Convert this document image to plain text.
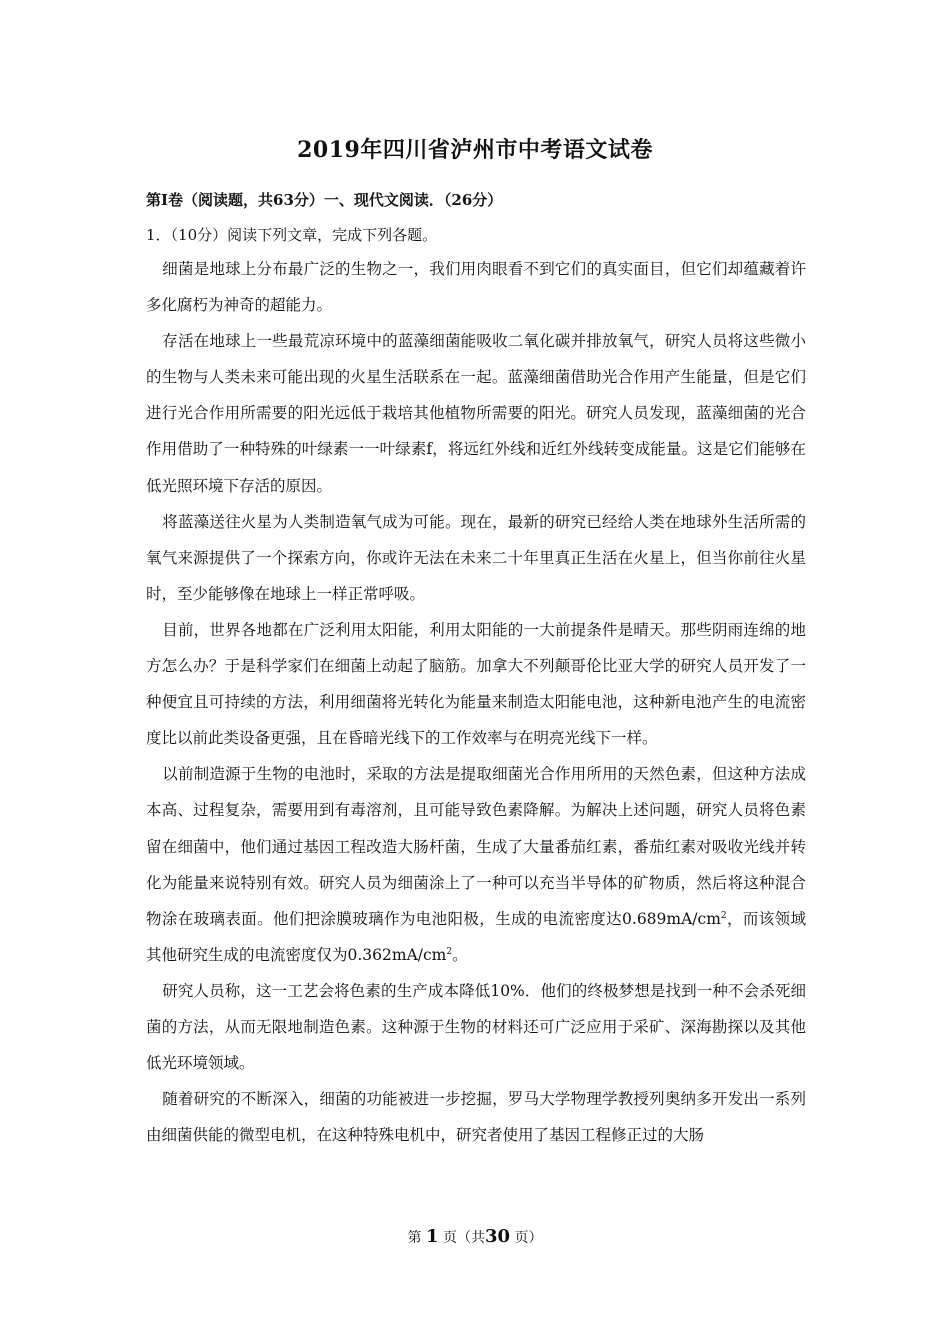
2019年四川省泸州市中考语文试卷
第Ⅰ卷（阅读题，共63分）一、现代文阅读．（26分）
1．（10分）阅读下列文章，完成下列各题。

细菌是地球上分布最广泛的生物之一，我们用肉眼看不到它们的真实面目，但它们却蕴藏着许多化腐朽为神奇的超能力。

存活在地球上一些最荒凉环境中的蓝藻细菌能吸收二氧化碳并排放氧气，研究人员将这些微小的生物与人类未来可能出现的火星生活联系在一起。蓝藻细菌借助光合作用产生能量，但是它们进行光合作用所需要的阳光远低于栽培其他植物所需要的阳光。研究人员发现，蓝藻细菌的光合作用借助了一种特殊的叶绿素一一叶绿素f，将远红外线和近红外线转变成能量。这是它们能够在低光照环境下存活的原因。

将蓝藻送往火星为人类制造氧气成为可能。现在，最新的研究已经给人类在地球外生活所需的氧气来源提供了一个探索方向，你或许无法在未来二十年里真正生活在火星上，但当你前往火星时，至少能够像在地球上一样正常呼吸。

目前，世界各地都在广泛利用太阳能，利用太阳能的一大前提条件是晴天。那些阴雨连绵的地方怎么办？于是科学家们在细菌上动起了脑筋。加拿大不列颠哥伦比亚大学的研究人员开发了一种便宜且可持续的方法，利用细菌将光转化为能量来制造太阳能电池，这种新电池产生的电流密度比以前此类设备更强，且在昏暗光线下的工作效率与在明亮光线下一样。

以前制造源于生物的电池时，采取的方法是提取细菌光合作用所用的天然色素，但这种方法成本高、过程复杂，需要用到有毒溶剂，且可能导致色素降解。为解决上述问题，研究人员将色素留在细菌中，他们通过基因工程改造大肠杆菌，生成了大量番茄红素，番茄红素对吸收光线并转化为能量来说特别有效。研究人员为细菌涂上了一种可以充当半导体的矿物质，然后将这种混合物涂在玻璃表面。他们把涂膜玻璃作为电池阳极，生成的电流密度达$0.689mA/cm^2$，而该领域其他研究生成的电流密度仅为$0.362mA/cm^2$。

研究人员称，这一工艺会将色素的生产成本降低10%．他们的终极梦想是找到一种不会杀死细菌的方法，从而无限地制造色素。这种源于生物的材料还可广泛应用于采矿、深海勘探以及其他低光环境领域。

随着研究的不断深入，细菌的功能被进一步挖掘，罗马大学物理学教授列奥纳多开发出一系列由细菌供能的微型电机，在这种特殊电机中，研究者使用了基因工程修正过的大肠

第 1 页（共30 页）
